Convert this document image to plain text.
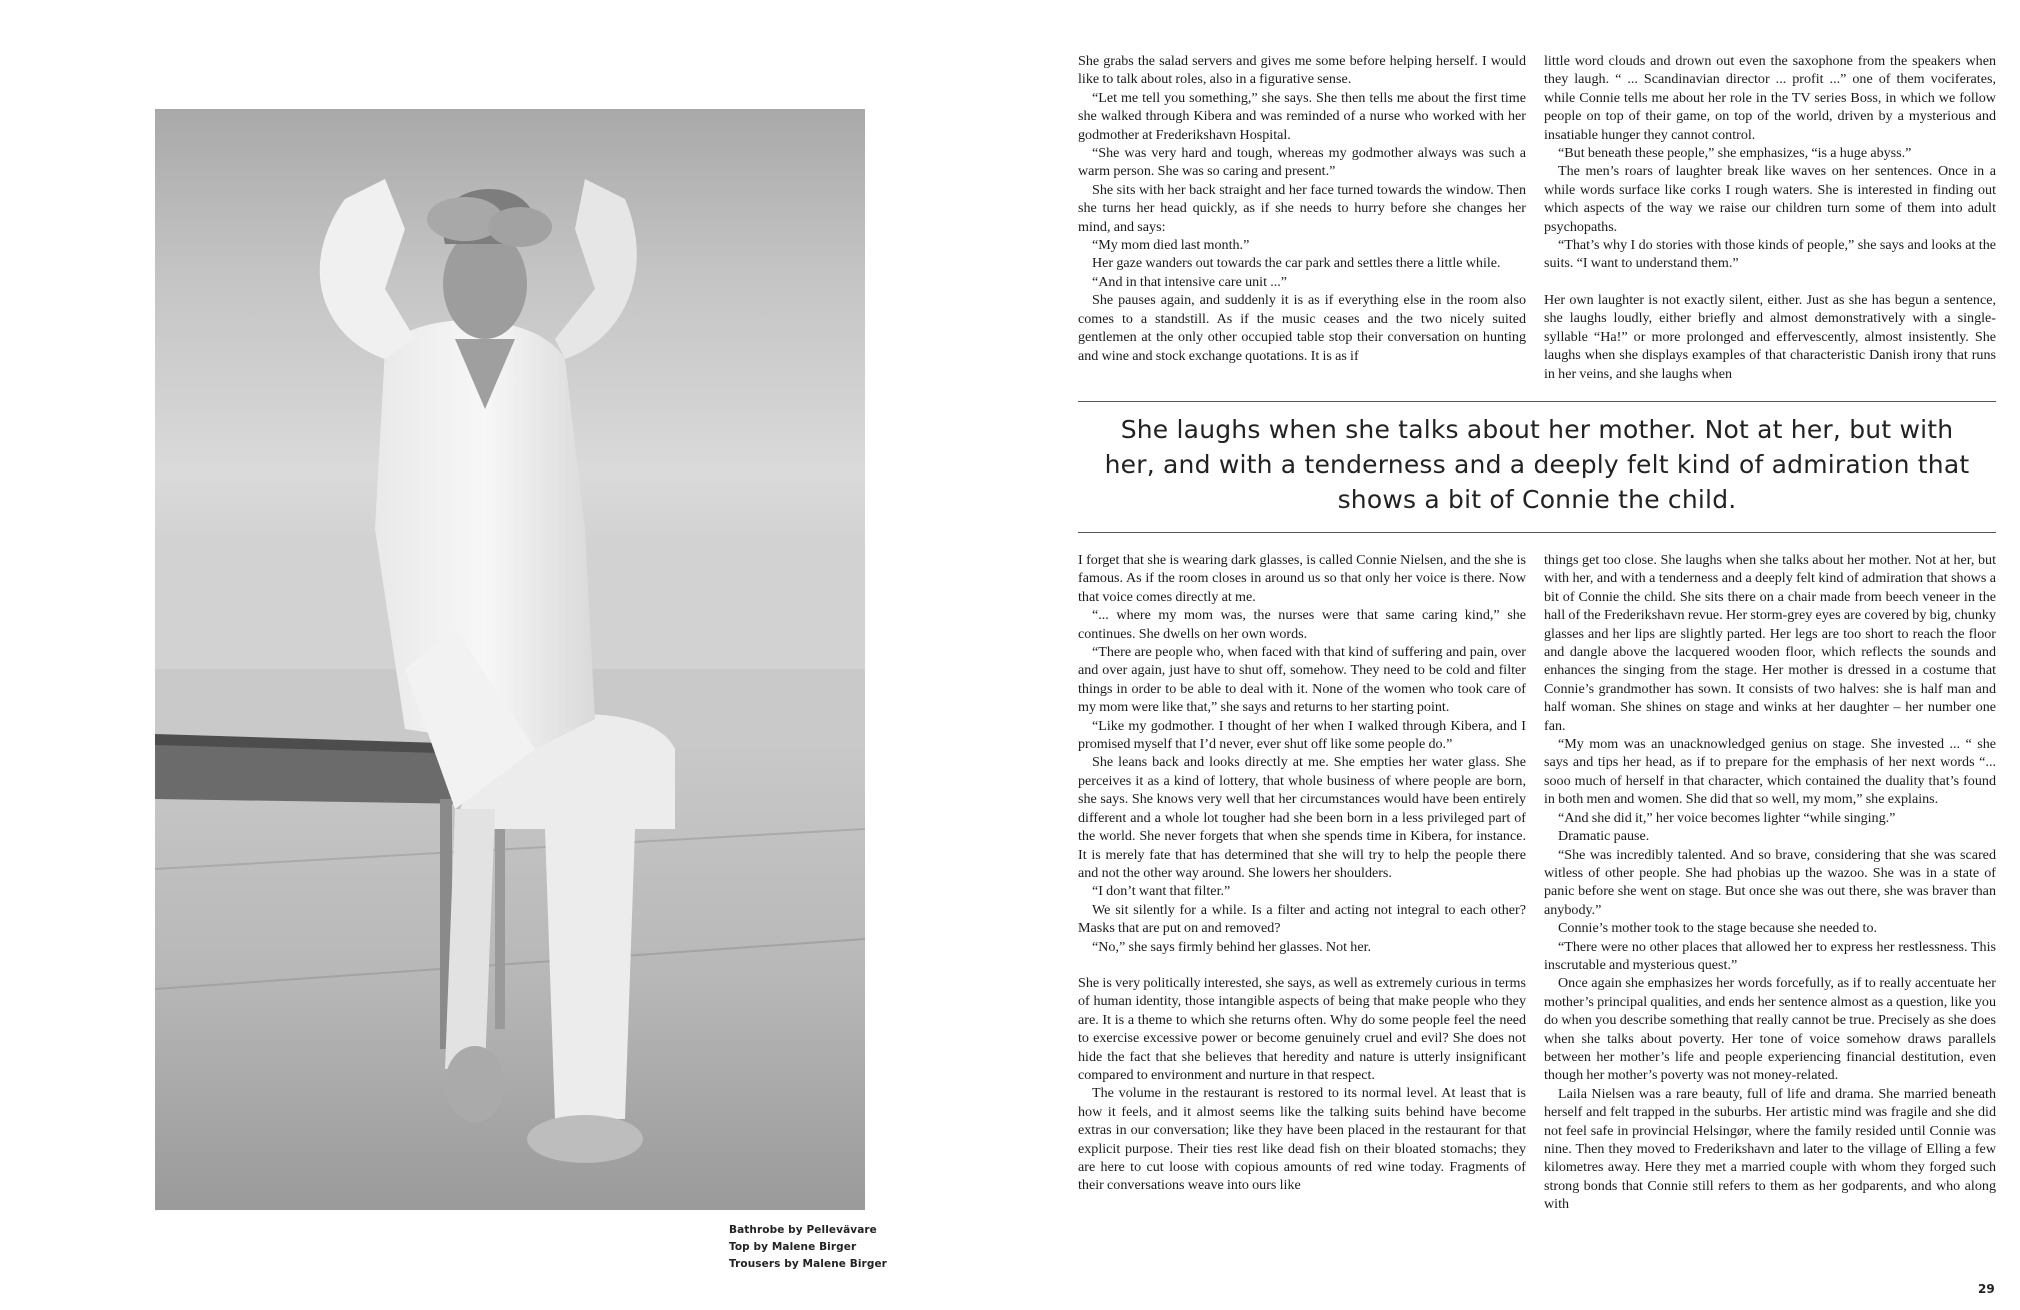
Bathrobe by Pellevävare
Top by Malene Birger
Trousers by Malene Birger

She grabs the salad servers and gives me some before helping herself. I would like to talk about roles, also in a figurative sense.

“Let me tell you something,” she says. She then tells me about the first time she walked through Kibera and was reminded of a nurse who worked with her godmother at Frederikshavn Hospital.

“She was very hard and tough, whereas my godmother always was such a warm person. She was so caring and present.”

She sits with her back straight and her face turned towards the window. Then she turns her head quickly, as if she needs to hurry before she changes her mind, and says:

“My mom died last month.”

Her gaze wanders out towards the car park and settles there a little while.

“And in that intensive care unit ...”

She pauses again, and suddenly it is as if everything else in the room also comes to a standstill. As if the music ceases and the two nicely suited gentlemen at the only other occupied table stop their conversation on hunting and wine and stock exchange quotations. It is as if

little word clouds and drown out even the saxophone from the speakers when they laugh. “ ... Scandinavian director ... profit ...” one of them vociferates, while Connie tells me about her role in the TV series Boss, in which we follow people on top of their game, on top of the world, driven by a mysterious and insatiable hunger they cannot control.

“But beneath these people,” she emphasizes, “is a huge abyss.”

The men’s roars of laughter break like waves on her sentences. Once in a while words surface like corks I rough waters. She is interested in finding out which aspects of the way we raise our children turn some of them into adult psychopaths.

“That’s why I do stories with those kinds of people,” she says and looks at the suits. “I want to understand them.”

Her own laughter is not exactly silent, either. Just as she has begun a sentence, she laughs loudly, either briefly and almost demonstratively with a single-syllable “Ha!” or more prolonged and effervescently, almost insistently. She laughs when she displays examples of that characteristic Danish irony that runs in her veins, and she laughs when

She laughs when she talks about her mother. Not at her, but with her, and with a tenderness and a deeply felt kind of admiration that shows a bit of Connie the child.

I forget that she is wearing dark glasses, is called Connie Nielsen, and the she is famous. As if the room closes in around us so that only her voice is there. Now that voice comes directly at me.

“... where my mom was, the nurses were that same caring kind,” she continues. She dwells on her own words.

“There are people who, when faced with that kind of suffering and pain, over and over again, just have to shut off, somehow. They need to be cold and filter things in order to be able to deal with it. None of the women who took care of my mom were like that,” she says and returns to her starting point.

“Like my godmother. I thought of her when I walked through Kibera, and I promised myself that I’d never, ever shut off like some people do.”

She leans back and looks directly at me. She empties her water glass. She perceives it as a kind of lottery, that whole business of where people are born, she says. She knows very well that her circumstances would have been entirely different and a whole lot tougher had she been born in a less privileged part of the world. She never forgets that when she spends time in Kibera, for instance. It is merely fate that has determined that she will try to help the people there and not the other way around. She lowers her shoulders.

“I don’t want that filter.”

We sit silently for a while. Is a filter and acting not integral to each other? Masks that are put on and removed?

“No,” she says firmly behind her glasses. Not her.

She is very politically interested, she says, as well as extremely curious in terms of human identity, those intangible aspects of being that make people who they are. It is a theme to which she returns often. Why do some people feel the need to exercise excessive power or become genuinely cruel and evil? She does not hide the fact that she believes that heredity and nature is utterly insignificant compared to environment and nurture in that respect.

The volume in the restaurant is restored to its normal level. At least that is how it feels, and it almost seems like the talking suits behind have become extras in our conversation; like they have been placed in the restaurant for that explicit purpose. Their ties rest like dead fish on their bloated stomachs; they are here to cut loose with copious amounts of red wine today. Fragments of their conversations weave into ours like

things get too close. She laughs when she talks about her mother. Not at her, but with her, and with a tenderness and a deeply felt kind of admiration that shows a bit of Connie the child. She sits there on a chair made from beech veneer in the hall of the Frederikshavn revue. Her storm-grey eyes are covered by big, chunky glasses and her lips are slightly parted. Her legs are too short to reach the floor and dangle above the lacquered wooden floor, which reflects the sounds and enhances the singing from the stage. Her mother is dressed in a costume that Connie’s grandmother has sown. It consists of two halves: she is half man and half woman. She shines on stage and winks at her daughter – her number one fan.

“My mom was an unacknowledged genius on stage. She invested ... “ she says and tips her head, as if to prepare for the emphasis of her next words “... sooo much of herself in that character, which contained the duality that’s found in both men and women. She did that so well, my mom,” she explains.

“And she did it,” her voice becomes lighter “while singing.”

Dramatic pause.

“She was incredibly talented. And so brave, considering that she was scared witless of other people. She had phobias up the wazoo. She was in a state of panic before she went on stage. But once she was out there, she was braver than anybody.”

Connie’s mother took to the stage because she needed to.

“There were no other places that allowed her to express her restlessness. This inscrutable and mysterious quest.”

Once again she emphasizes her words forcefully, as if to really accentuate her mother’s principal qualities, and ends her sentence almost as a question, like you do when you describe something that really cannot be true. Precisely as she does when she talks about poverty. Her tone of voice somehow draws parallels between her mother’s life and people experiencing financial destitution, even though her mother’s poverty was not money-related.

Laila Nielsen was a rare beauty, full of life and drama. She married beneath herself and felt trapped in the suburbs. Her artistic mind was fragile and she did not feel safe in provincial Helsingør, where the family resided until Connie was nine. Then they moved to Frederikshavn and later to the village of Elling a few kilometres away. Here they met a married couple with whom they forged such strong bonds that Connie still refers to them as her godparents, and who along with

29
